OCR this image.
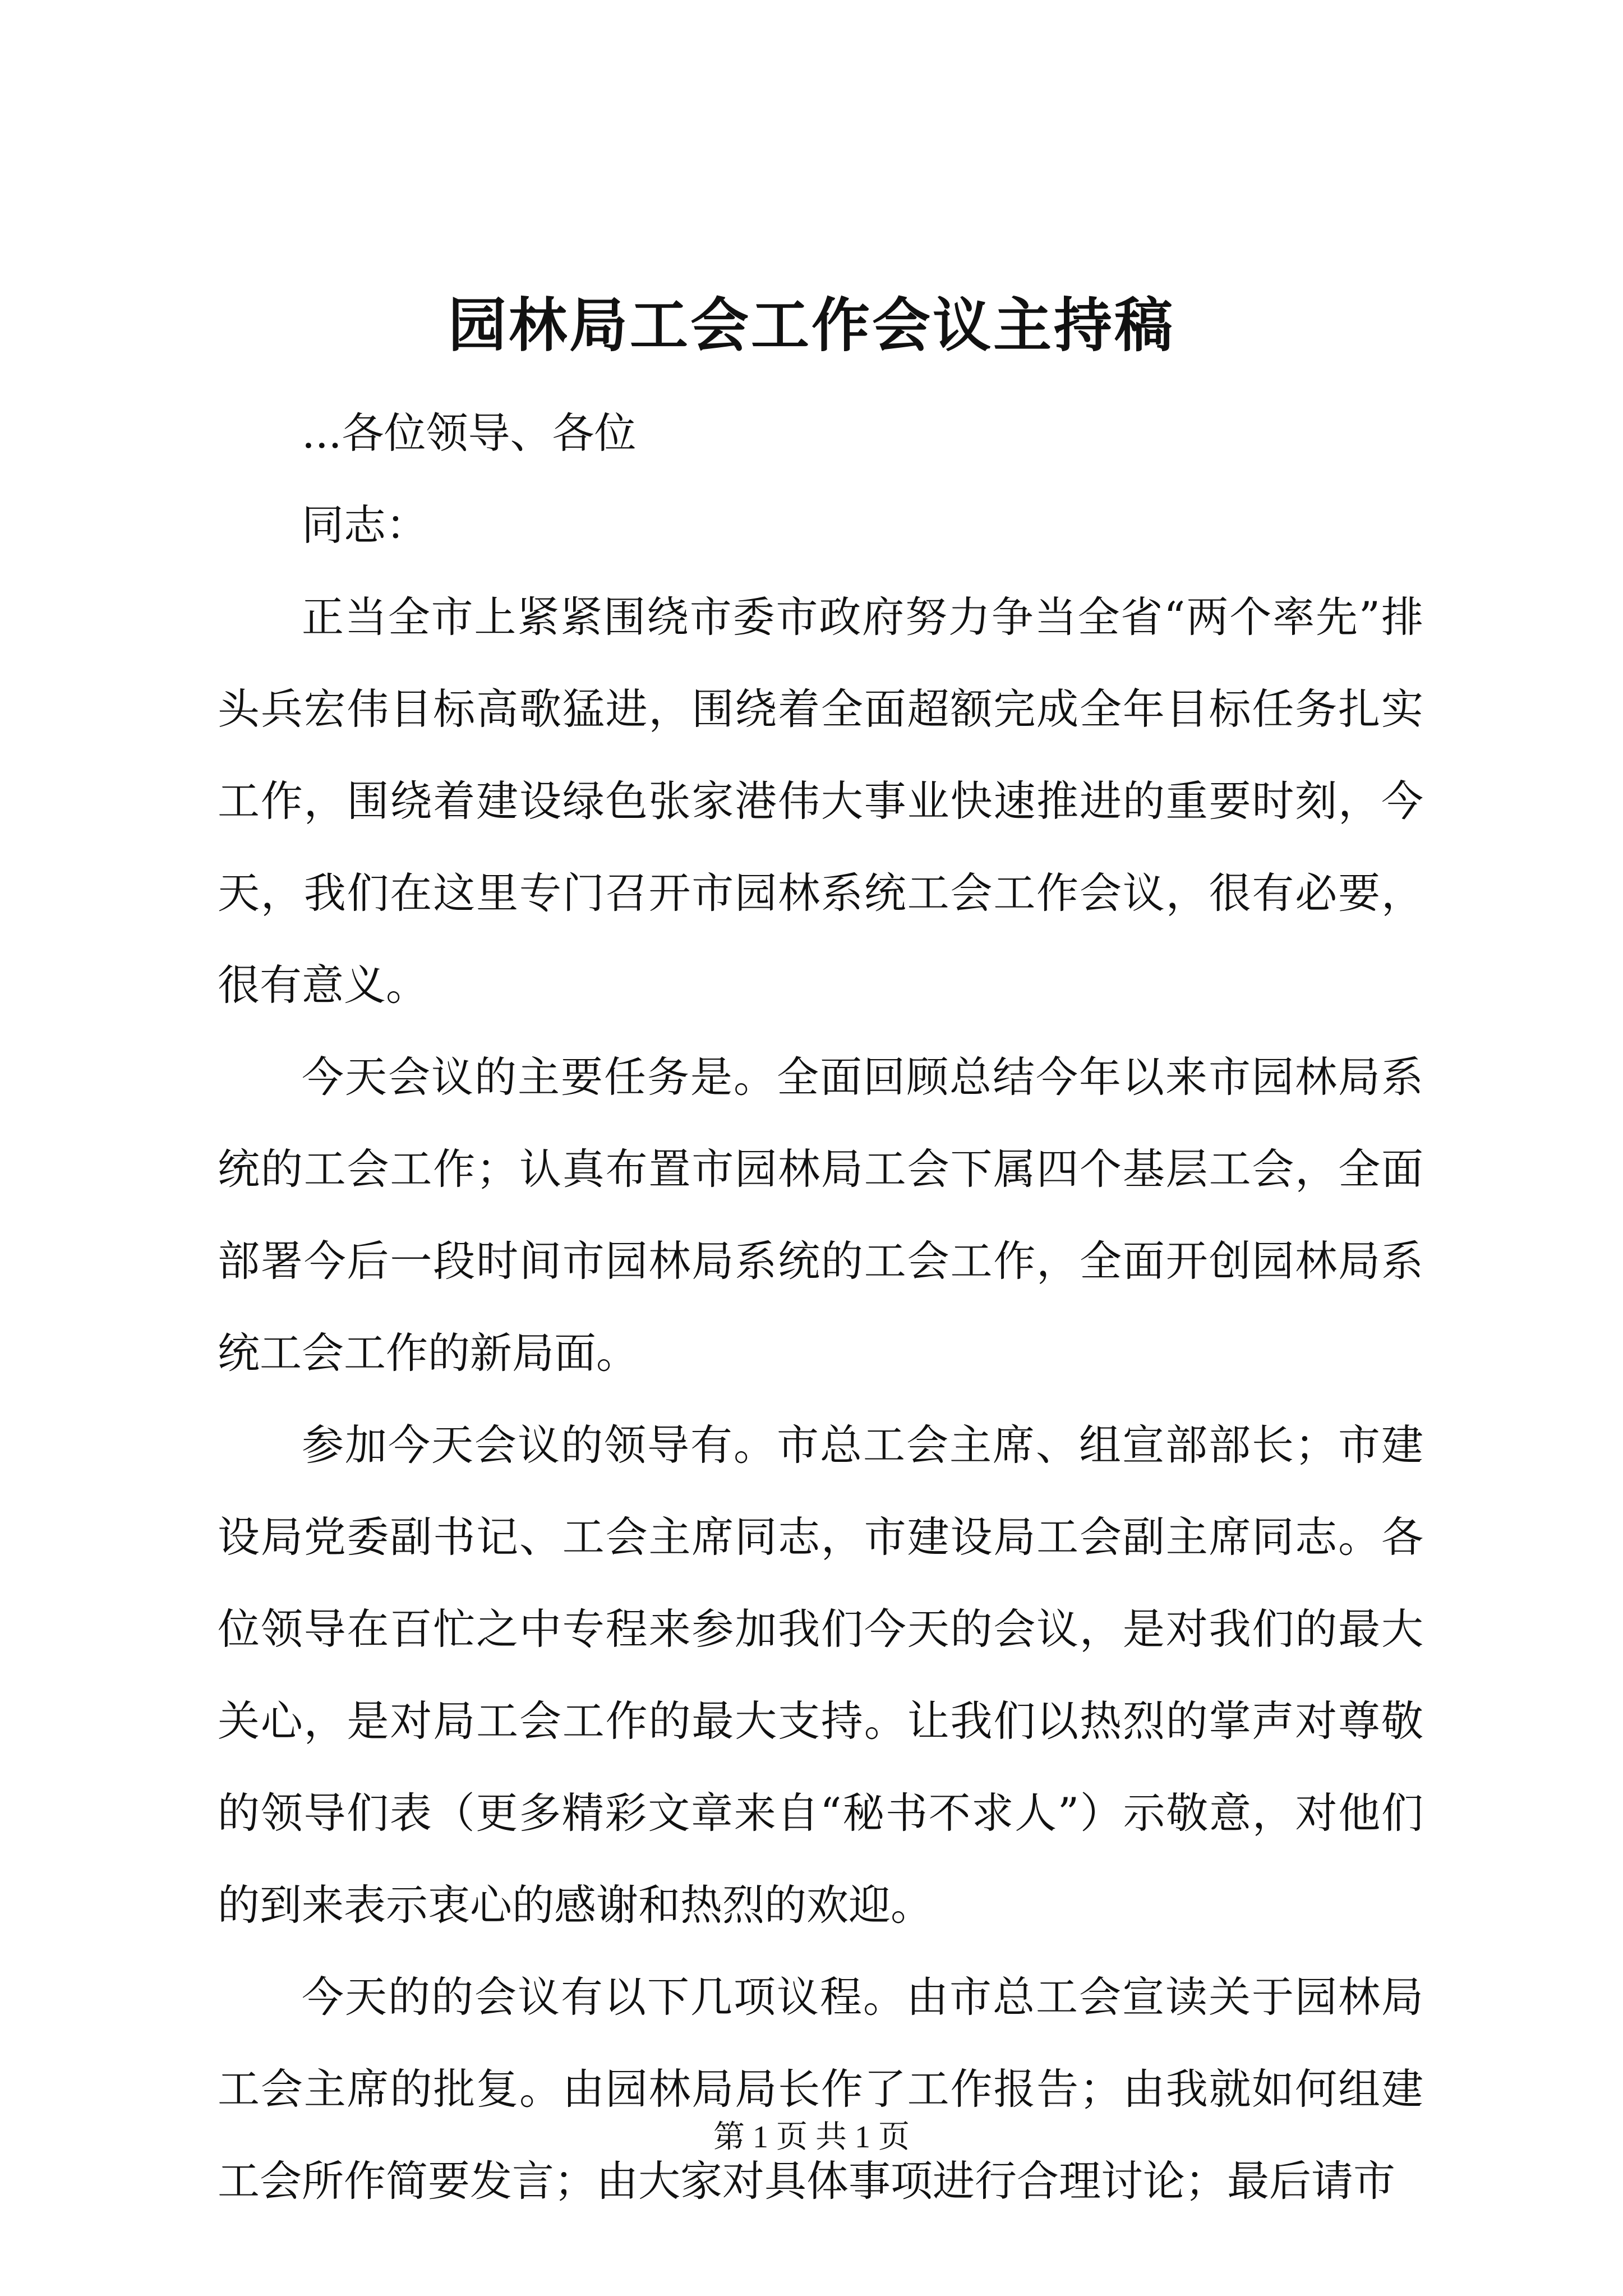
园林局工会工作会议主持稿

...各位领导、各位

同志：

正当全市上紧紧围绕市委市政府努力争当全省“两个率先”排头兵宏伟目标高歌猛进，围绕着全面超额完成全年目标任务扎实工作，围绕着建设绿色张家港伟大事业快速推进的重要时刻，今天，我们在这里专门召开市园林系统工会工作会议，很有必要，很有意义。

今天会议的主要任务是。全面回顾总结今年以来市园林局系统的工会工作；认真布置市园林局工会下属四个基层工会，全面部署今后一段时间市园林局系统的工会工作，全面开创园林局系统工会工作的新局面。

参加今天会议的领导有。市总工会主席、组宣部部长；市建设局党委副书记、工会主席同志，市建设局工会副主席同志。各位领导在百忙之中专程来参加我们今天的会议，是对我们的最大关心，是对局工会工作的最大支持。让我们以热烈的掌声对尊敬的领导们表（更多精彩文章来自“秘书不求人”）示敬意，对他们的到来表示衷心的感谢和热烈的欢迎。

今天的的会议有以下几项议程。由市总工会宣读关于园林局工会主席的批复。由园林局局长作了工作报告；由我就如何组建工会所作简要发言；由大家对具体事项进行合理讨论；最后请市

第 1 页 共 1 页
